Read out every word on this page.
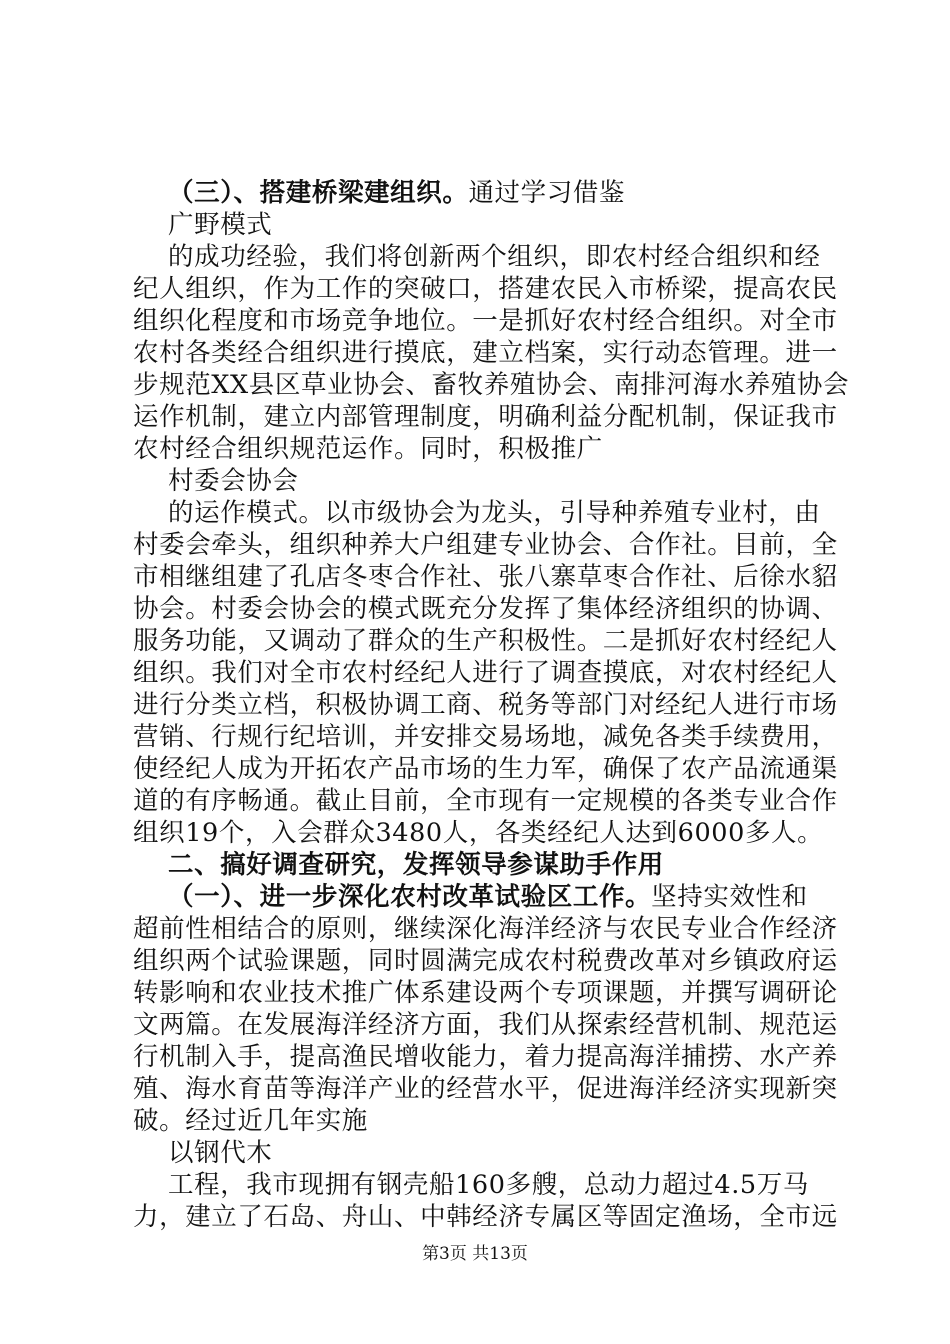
（三）、搭建桥梁建组织。通过学习借鉴
广野模式
的成功经验，我们将创新两个组织，即农村经合组织和经
纪人组织，作为工作的突破口，搭建农民入市桥梁，提高农民
组织化程度和市场竞争地位。一是抓好农村经合组织。对全市
农村各类经合组织进行摸底，建立档案，实行动态管理。进一
步规范XX县区草业协会、畜牧养殖协会、南排河海水养殖协会
运作机制，建立内部管理制度，明确利益分配机制，保证我市
农村经合组织规范运作。同时，积极推广
村委会协会
的运作模式。以市级协会为龙头，引导种养殖专业村，由
村委会牵头，组织种养大户组建专业协会、合作社。目前，全
市相继组建了孔店冬枣合作社、张八寨草枣合作社、后徐水貂
协会。村委会协会的模式既充分发挥了集体经济组织的协调、
服务功能，又调动了群众的生产积极性。二是抓好农村经纪人
组织。我们对全市农村经纪人进行了调查摸底，对农村经纪人
进行分类立档，积极协调工商、税务等部门对经纪人进行市场
营销、行规行纪培训，并安排交易场地，减免各类手续费用，
使经纪人成为开拓农产品市场的生力军，确保了农产品流通渠
道的有序畅通。截止目前，全市现有一定规模的各类专业合作
组织19个，入会群众3480人，各类经纪人达到6000多人。
二、搞好调查研究，发挥领导参谋助手作用
（一）、进一步深化农村改革试验区工作。坚持实效性和
超前性相结合的原则，继续深化海洋经济与农民专业合作经济
组织两个试验课题，同时圆满完成农村税费改革对乡镇政府运
转影响和农业技术推广体系建设两个专项课题，并撰写调研论
文两篇。在发展海洋经济方面，我们从探索经营机制、规范运
行机制入手，提高渔民增收能力，着力提高海洋捕捞、水产养
殖、海水育苗等海洋产业的经营水平，促进海洋经济实现新突
破。经过近几年实施
以钢代木
工程，我市现拥有钢壳船160多艘，总动力超过4.5万马
力，建立了石岛、舟山、中韩经济专属区等固定渔场，全市远
第3页 共13页
